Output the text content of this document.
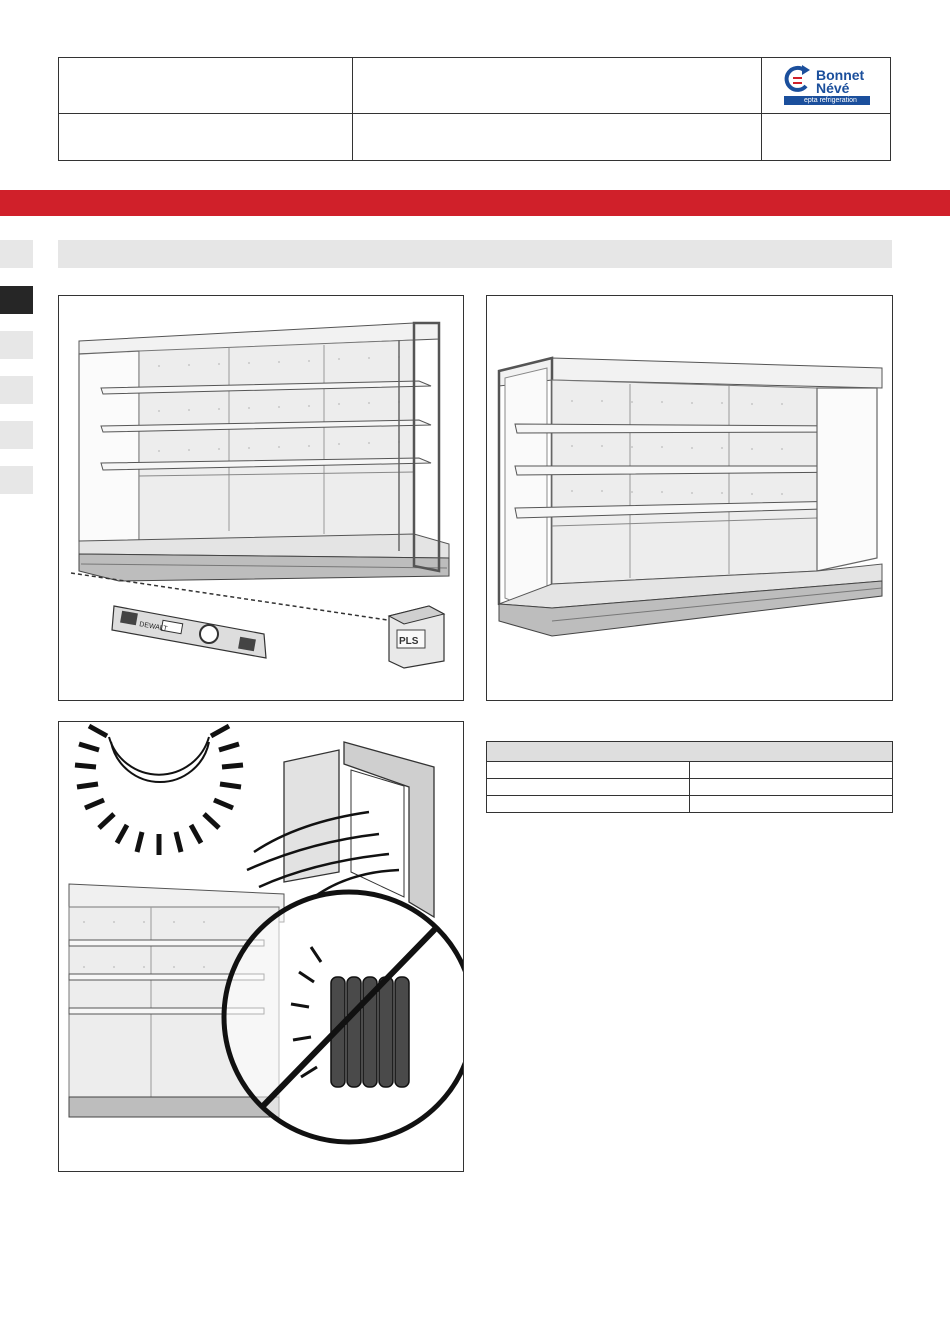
Bonnet
Névé
epta refrigeration
DEWALT
PLS
